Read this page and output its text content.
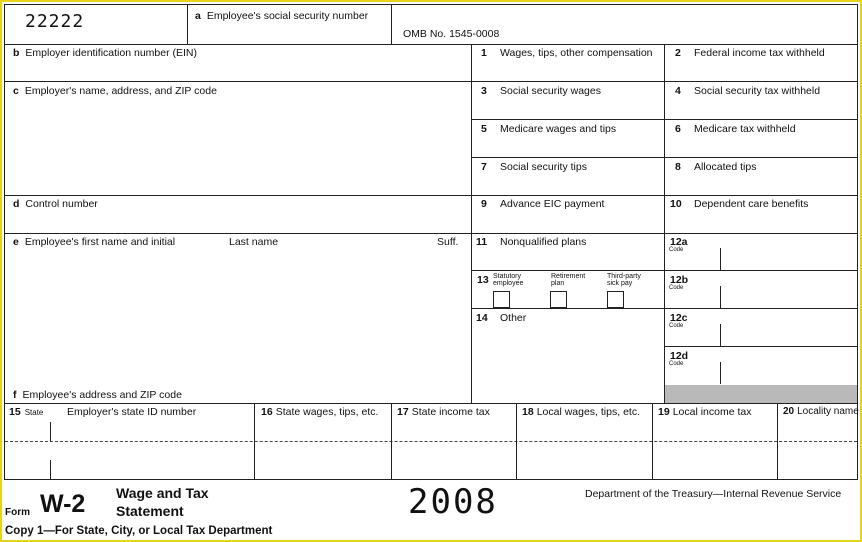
22222	a Employee's social security number
OMB No. 1545-0008
b Employer identification number (EIN)
c Employer's name, address, and ZIP code
d Control number
e Employee's first name and initial	Last name	Suff.
f Employee's address and ZIP code
1 Wages, tips, other compensation
3 Social security wages
5 Medicare wages and tips
7 Social security tips
9 Advance EIC payment
11 Nonqualified plans
13 Statutory employee
Retirement plan
Third-party sick pay
14 Other
2 Federal income tax withheld
4 Social security tax withheld
6 Medicare tax withheld
8 Allocated tips
10 Dependent care benefits
12a
Code
12b
Code
12c
Code
12d
Code
15 State Employer's state ID number	16 State wages, tips, etc. 17 State income tax	18 Local wages, tips, etc. 19 Local income tax	20 Locality name
Form W-2 Wage and Tax
Statement	2008	Department of the Treasury—Internal Revenue Service
Copy 1—For State, City, or Local Tax Department
